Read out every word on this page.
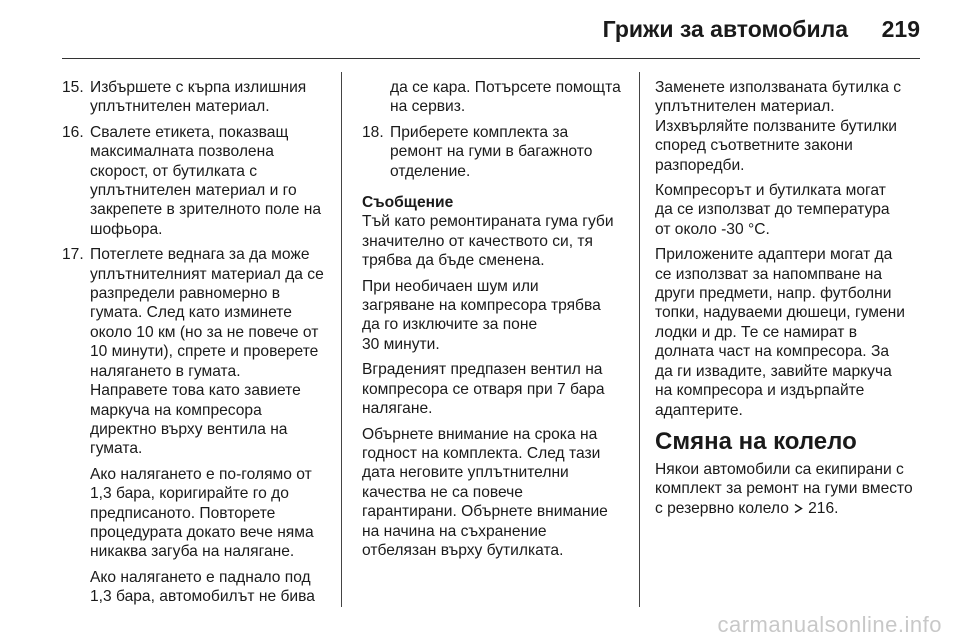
Грижи за автомобила 219
15. Избършете с кърпа излишния
уплътнителен материал.
16. Свалете етикета, показващ
максималната позволена
скорост, от бутилката с
уплътнителен материал и го
закрепете в зрителното поле на
шофьора.
17. Потеглете веднага за да може
уплътнителният материал да се
разпредели равномерно в
гумата. След като изминете
около 10 км (но за не повече от
10 минути), спрете и проверете
налягането в гумата.
Направете това като завиете
маркуча на компресора
директно върху вентила на
гумата.
Ако налягането е по-голямо от
1,3 бара, коригирайте го до
предписаното. Повторете
процедурата докато вече няма
никаква загуба на налягане.
Ако налягането е паднало под
1,3 бара, автомобилът не бива
да се кара. Потърсете помощта
на сервиз.
18. Приберете комплекта за
ремонт на гуми в багажното
отделение.
Съобщение
Тъй като ремонтираната гума губи
значително от качеството си, тя
трябва да бъде сменена.
При необичаен шум или
загряване на компресора трябва
да го изключите за поне
30 минути.
Вграденият предпазен вентил на
компресора се отваря при 7 бара
налягане.
Обърнете внимание на срока на
годност на комплекта. След тази
дата неговите уплътнителни
качества не са повече
гарантирани. Обърнете внимание
на начина на съхранение
отбелязан върху бутилката.
Заменете използваната бутилка с
уплътнителен материал.
Изхвърляйте ползваните бутилки
според съответните закони
разпоредби.
Компресорът и бутилката могат
да се използват до температура
от около -30 °C.
Приложените адаптери могат да
се използват за напомпване на
други предмети, напр. футболни
топки, надуваеми дюшеци, гумени
лодки и др. Те се намират в
долната част на компресора. За
да ги извадите, завийте маркуча
на компресора и издърпайте
адаптерите.
Смяна на колело
Някои автомобили са екипирани с
комплект за ремонт на гуми вместо
с резервно колело 216.
carmanualsonline.info
